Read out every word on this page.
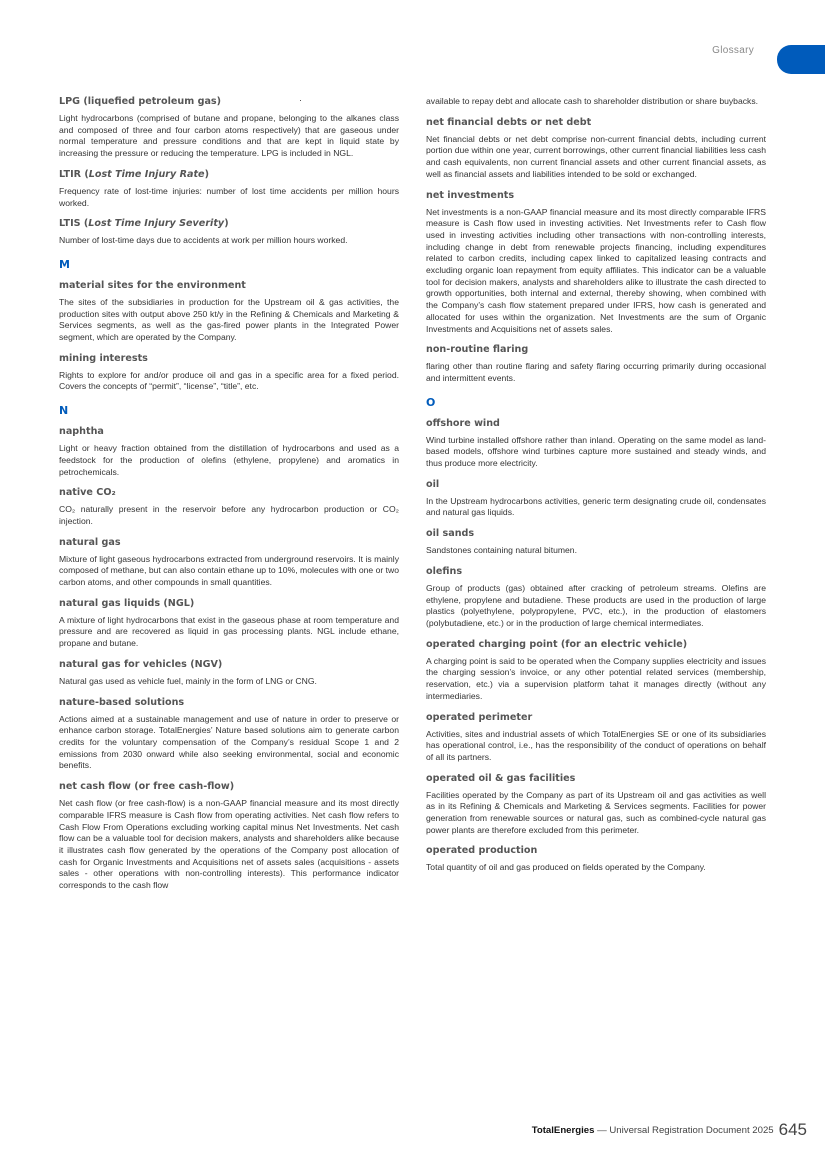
Glossary
LPG (liquefied petroleum gas)
Light hydrocarbons (comprised of butane and propane, belonging to the alkanes class and composed of three and four carbon atoms respectively) that are gaseous under normal temperature and pressure conditions and that are kept in liquid state by increasing the pressure or reducing the temperature. LPG is included in NGL.
LTIR (Lost Time Injury Rate)
Frequency rate of lost-time injuries: number of lost time accidents per million hours worked.
LTIS (Lost Time Injury Severity)
Number of lost-time days due to accidents at work per million hours worked.
M
material sites for the environment
The sites of the subsidiaries in production for the Upstream oil & gas activities, the production sites with output above 250 kt/y in the Refining & Chemicals and Marketing & Services segments, as well as the gas-fired power plants in the Integrated Power segment, which are operated by the Company.
mining interests
Rights to explore for and/or produce oil and gas in a specific area for a fixed period. Covers the concepts of “permit”, “license”, “title”, etc.
N
naphtha
Light or heavy fraction obtained from the distillation of hydrocarbons and used as a feedstock for the production of olefins (ethylene, propylene) and aromatics in petrochemicals.
native CO₂
CO₂ naturally present in the reservoir before any hydrocarbon production or CO₂ injection.
natural gas
Mixture of light gaseous hydrocarbons extracted from underground reservoirs. It is mainly composed of methane, but can also contain ethane up to 10%, molecules with one or two carbon atoms, and other compounds in small quantities.
natural gas liquids (NGL)
A mixture of light hydrocarbons that exist in the gaseous phase at room temperature and pressure and are recovered as liquid in gas processing plants. NGL include ethane, propane and butane.
natural gas for vehicles (NGV)
Natural gas used as vehicle fuel, mainly in the form of LNG or CNG.
nature-based solutions
Actions aimed at a sustainable management and use of nature in order to preserve or enhance carbon storage. TotalEnergies’ Nature based solutions aim to generate carbon credits for the voluntary compensation of the Company’s residual Scope 1 and 2 emissions from 2030 onward while also seeking environmental, social and economic benefits.
net cash flow (or free cash-flow)
Net cash flow (or free cash-flow) is a non-GAAP financial measure and its most directly comparable IFRS measure is Cash flow from operating activities. Net cash flow refers to Cash Flow From Operations excluding working capital minus Net Investments. Net cash flow can be a valuable tool for decision makers, analysts and shareholders alike because it illustrates cash flow generated by the operations of the Company post allocation of cash for Organic Investments and Acquisitions net of assets sales (acquisitions - assets sales - other operations with non-controlling interests). This performance indicator corresponds to the cash flow
available to repay debt and allocate cash to shareholder distribution or share buybacks.
net financial debts or net debt
Net financial debts or net debt comprise non-current financial debts, including current portion due within one year, current borrowings, other current financial liabilities less cash and cash equivalents, non current financial assets and other current financial assets, as well as financial assets and liabilities intended to be sold or exchanged.
net investments
Net investments is a non-GAAP financial measure and its most directly comparable IFRS measure is Cash flow used in investing activities. Net Investments refer to Cash flow used in investing activities including other transactions with non-controlling interests, including change in debt from renewable projects financing, including expenditures related to carbon credits, including capex linked to capitalized leasing contracts and excluding organic loan repayment from equity affiliates. This indicator can be a valuable tool for decision makers, analysts and shareholders alike to illustrate the cash directed to growth opportunities, both internal and external, thereby showing, when combined with the Company’s cash flow statement prepared under IFRS, how cash is generated and allocated for uses within the organization. Net Investments are the sum of Organic Investments and Acquisitions net of assets sales.
non-routine flaring
flaring other than routine flaring and safety flaring occurring primarily during occasional and intermittent events.
O
offshore wind
Wind turbine installed offshore rather than inland. Operating on the same model as land-based models, offshore wind turbines capture more sustained and steady winds, and thus produce more electricity.
oil
In the Upstream hydrocarbons activities, generic term designating crude oil, condensates and natural gas liquids.
oil sands
Sandstones containing natural bitumen.
olefins
Group of products (gas) obtained after cracking of petroleum streams. Olefins are ethylene, propylene and butadiene. These products are used in the production of large plastics (polyethylene, polypropylene, PVC, etc.), in the production of elastomers (polybutadiene, etc.) or in the production of large chemical intermediates.
operated charging point (for an electric vehicle)
A charging point is said to be operated when the Company supplies electricity and issues the charging session’s invoice, or any other potential related services (membership, reservation, etc.) via a supervision platform tahat it manages directly (without any intermediaries.
operated perimeter
Activities, sites and industrial assets of which TotalEnergies SE or one of its subsidiaries has operational control, i.e., has the responsibility of the conduct of operations on behalf of all its partners.
operated oil & gas facilities
Facilities operated by the Company as part of its Upstream oil and gas activities as well as in its Refining & Chemicals and Marketing & Services segments. Facilities for power generation from renewable sources or natural gas, such as combined-cycle natural gas power plants are therefore excluded from this perimeter.
operated production
Total quantity of oil and gas produced on fields operated by the Company.
TotalEnergies — Universal Registration Document 2025 645
